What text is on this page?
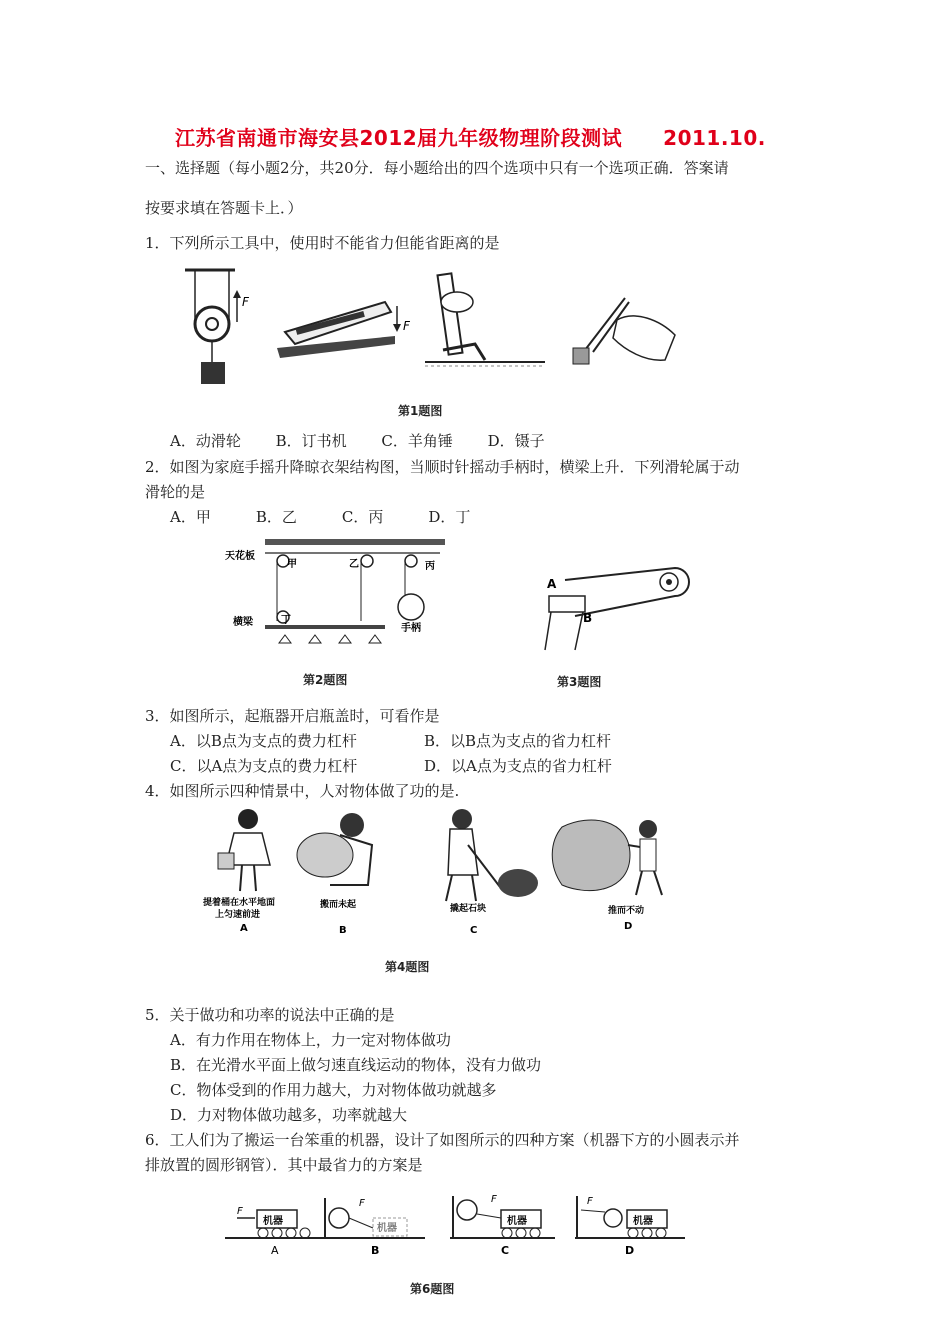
江苏省南通市海安县2012届九年级物理阶段测试　　2011.10.
一、选择题（每小题2分，共20分．每小题给出的四个选项中只有一个选项正确．答案请
按要求填在答题卡上．）
1．下列所示工具中，使用时不能省力但能省距离的是
F
F
第1题图
A．动滑轮　　 B．订书机　　 C．羊角锤　　 D．镊子
2．如图为家庭手摇升降晾衣架结构图，当顺时针摇动手柄时，横梁上升．下列滑轮属于动
滑轮的是
A．甲　　　B．乙　　　C．丙　　　D．丁
天花板
横梁
甲	乙	丙
丁
手柄
A
B
第2题图	第3题图
3．如图所示，起瓶器开启瓶盖时，可看作是
A．以B点为支点的费力杠杆	B．以B点为支点的省力杠杆
C．以A点为支点的费力杠杆	D．以A点为支点的省力杠杆
4．如图所示四种情景中，人对物体做了功的是.
提着桶在水平地面
上匀速前进
A
搬而未起
B
撬起石块
C
推而不动
D
第4题图
5．关于做功和功率的说法中正确的是
A．有力作用在物体上，力一定对物体做功
B．在光滑水平面上做匀速直线运动的物体，没有力做功
C．物体受到的作用力越大，力对物体做功就越多
D．力对物体做功越多，功率就越大
6．工人们为了搬运一台笨重的机器，设计了如图所示的四种方案（机器下方的小圆表示并
排放置的圆形钢管）．其中最省力的方案是
F
机器
A
F
机器
B
F
机器
C
F
机器
D
第6题图
